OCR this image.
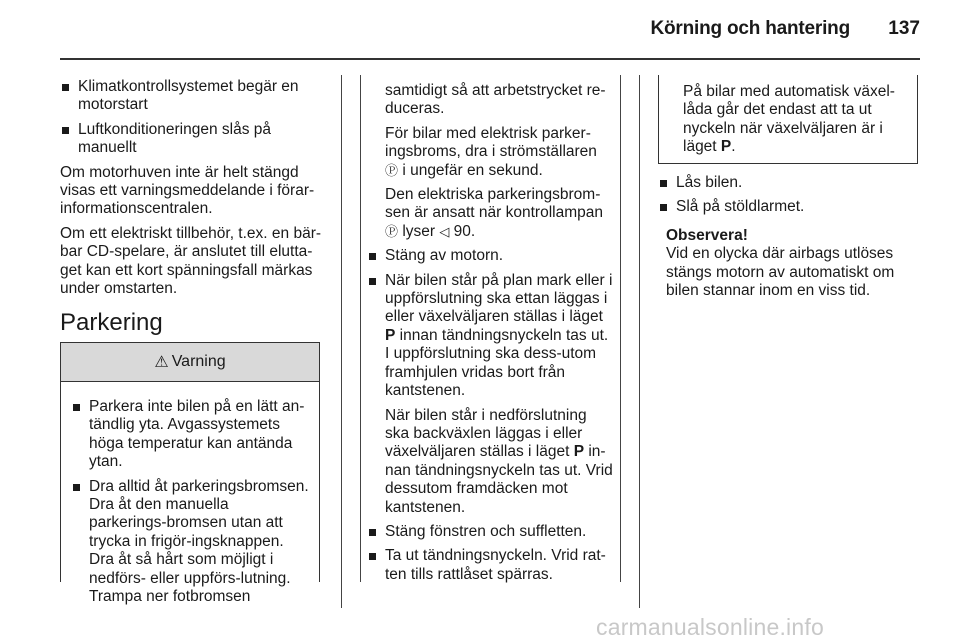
Körning och hantering	137
Klimatkontrollsystemet begär en motorstart
Luftkonditioneringen slås på manuellt

Om motorhuven inte är helt stängd visas ett varningsmeddelande i förar-informationscentralen.

Om ett elektriskt tillbehör, t.ex. en bär-bar CD-spelare, är anslutet till elutta-get kan ett kort spänningsfall märkas under omstarten.

Parkering
⚠ Varning
Parkera inte bilen på en lätt an-tändlig yta. Avgassystemets höga temperatur kan antända ytan.
Dra alltid åt parkeringsbromsen. Dra åt den manuella parkerings-bromsen utan att trycka in frigör-ingsknappen. Dra åt så hårt som möjligt i nedförs- eller uppförs-lutning. Trampa ner fotbromsen
samtidigt så att arbetstrycket re-duceras.
För bilar med elektrisk parker-ingsbroms, dra i strömställaren Ⓟ i ungefär en sekund.
Den elektriska parkeringsbrom-sen är ansatt när kontrollampan Ⓟ lyser ◁ 90.
Stäng av motorn.
När bilen står på plan mark eller i uppförslutning ska ettan läggas i eller växelväljaren ställas i läget P innan tändningsnyckeln tas ut. I uppförslutning ska dess-utom framhjulen vridas bort från kantstenen.
När bilen står i nedförslutning ska backväxlen läggas i eller växelväljaren ställas i läget P in-nan tändningsnyckeln tas ut. Vrid dessutom framdäcken mot kantstenen.
Stäng fönstren och suffletten.
Ta ut tändningsnyckeln. Vrid rat-ten tills rattlåset spärras.
På bilar med automatisk växel-låda går det endast att ta ut nyckeln när växelväljaren är i läget P.
Lås bilen.
Slå på stöldlarmet.
Observera!
Vid en olycka där airbags utlöses stängs motorn av automatiskt om bilen stannar inom en viss tid.
carmanualsonline.info
